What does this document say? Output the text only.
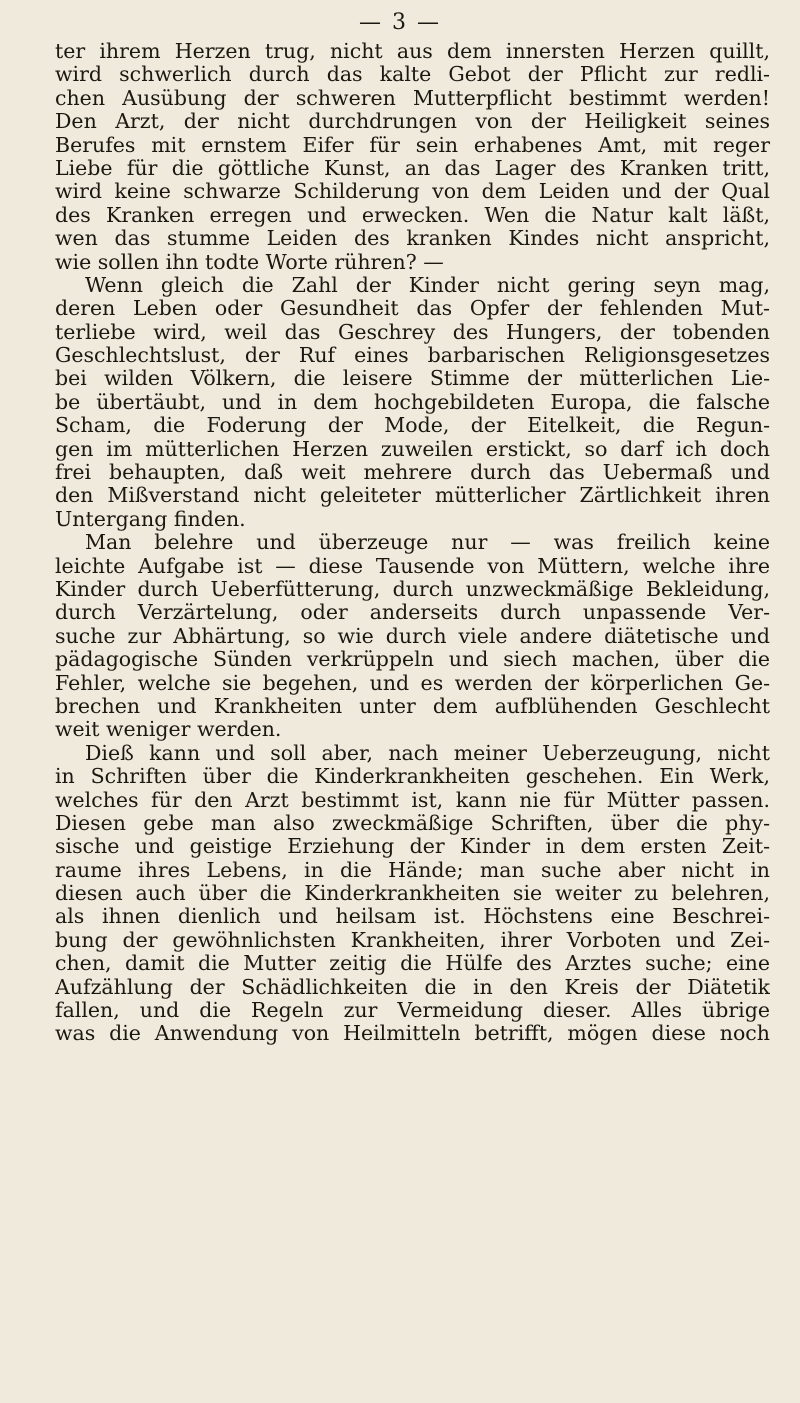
— 3 —
ter ihrem Herzen trug, nicht aus dem innersten Herzen quillt,
wird schwerlich durch das kalte Gebot der Pflicht zur redli-
chen Ausübung der schweren Mutterpflicht bestimmt werden!
Den Arzt, der nicht durchdrungen von der Heiligkeit seines
Berufes mit ernstem Eifer für sein erhabenes Amt, mit reger
Liebe für die göttliche Kunst, an das Lager des Kranken tritt,
wird keine schwarze Schilderung von dem Leiden und der Qual
des Kranken erregen und erwecken. Wen die Natur kalt läßt,
wen das stumme Leiden des kranken Kindes nicht anspricht,
wie sollen ihn todte Worte rühren? —
Wenn gleich die Zahl der Kinder nicht gering seyn mag,
deren Leben oder Gesundheit das Opfer der fehlenden Mut-
terliebe wird, weil das Geschrey des Hungers, der tobenden
Geschlechtslust, der Ruf eines barbarischen Religionsgesetzes
bei wilden Völkern, die leisere Stimme der mütterlichen Lie-
be übertäubt, und in dem hochgebildeten Europa, die falsche
Scham, die Foderung der Mode, der Eitelkeit, die Regun-
gen im mütterlichen Herzen zuweilen erstickt, so darf ich doch
frei behaupten, daß weit mehrere durch das Uebermaß und
den Mißverstand nicht geleiteter mütterlicher Zärtlichkeit ihren
Untergang finden.
Man belehre und überzeuge nur — was freilich keine
leichte Aufgabe ist — diese Tausende von Müttern, welche ihre
Kinder durch Ueberfütterung, durch unzweckmäßige Bekleidung,
durch Verzärtelung, oder anderseits durch unpassende Ver-
suche zur Abhärtung, so wie durch viele andere diätetische und
pädagogische Sünden verkrüppeln und siech machen, über die
Fehler, welche sie begehen, und es werden der körperlichen Ge-
brechen und Krankheiten unter dem aufblühenden Geschlecht
weit weniger werden.
Dieß kann und soll aber, nach meiner Ueberzeugung, nicht
in Schriften über die Kinderkrankheiten geschehen. Ein Werk,
welches für den Arzt bestimmt ist, kann nie für Mütter passen.
Diesen gebe man also zweckmäßige Schriften, über die phy-
sische und geistige Erziehung der Kinder in dem ersten Zeit-
raume ihres Lebens, in die Hände; man suche aber nicht in
diesen auch über die Kinderkrankheiten sie weiter zu belehren,
als ihnen dienlich und heilsam ist. Höchstens eine Beschrei-
bung der gewöhnlichsten Krankheiten, ihrer Vorboten und Zei-
chen, damit die Mutter zeitig die Hülfe des Arztes suche; eine
Aufzählung der Schädlichkeiten die in den Kreis der Diätetik
fallen, und die Regeln zur Vermeidung dieser. Alles übrige
was die Anwendung von Heilmitteln betrifft, mögen diese noch
